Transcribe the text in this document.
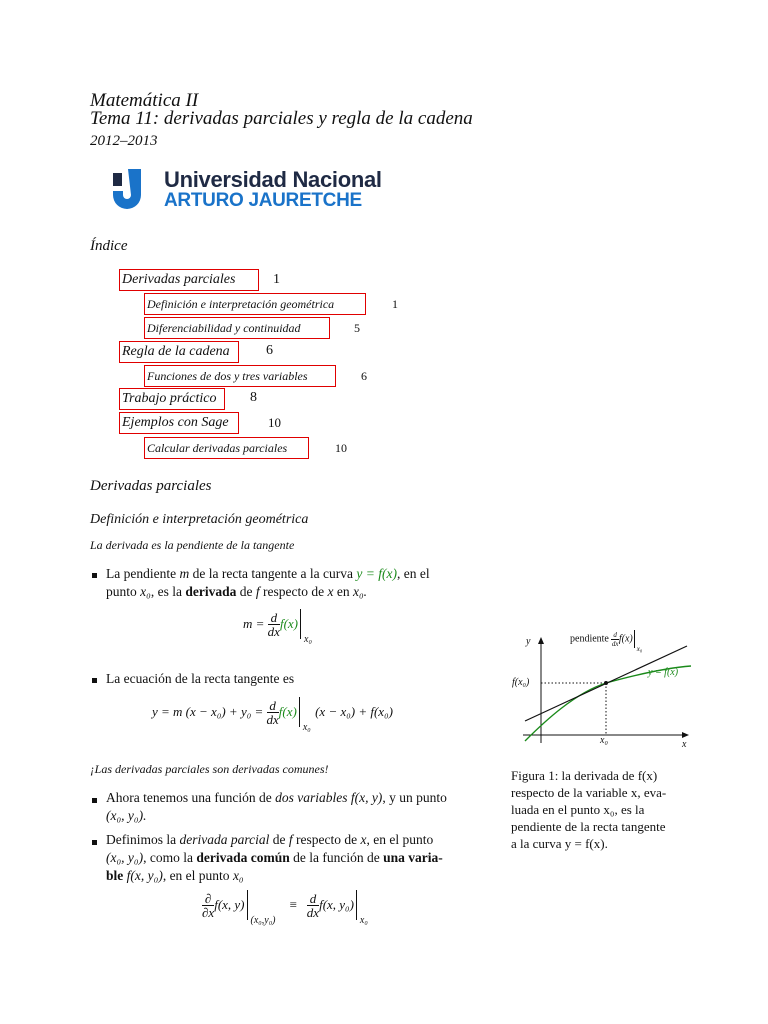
Matemática II
Tema 11: derivadas parciales y regla de la cadena
2012–2013
Universidad Nacional
ARTURO JAURETCHE
Índice
Derivadas parciales	1
Definición e interpretación geométrica	1
Diferenciabilidad y continuidad	5
Regla de la cadena	6
Funciones de dos y tres variables	6
Trabajo práctico	8
Ejemplos con Sage	10
Calcular derivadas parciales	10
Derivadas parciales
Definición e interpretación geométrica
La derivada es la pendiente de la tangente
La pendiente m de la recta tangente a la curva y = f(x), en el
punto x₀, es la derivada de f respecto de x en x₀.
$m = \frac{d}{dx} f(x)$
x₀
La ecuación de la recta tangente es
y = m $(x - x_0) + y_0 = \frac{d}{dx} f(x)$
x₀
(x − x₀) + f(x₀)
¡Las derivadas parciales son derivadas comunes!
Ahora tenemos una función de dos variables f(x, y), y un punto
(x₀, y₀).
Definimos la derivada parcial de f respecto de x, en el punto
(x₀, y₀), como la derivada común de la función de una varia-
ble f(x, y₀), en el punto x₀
$\frac{\partial}{\partial x} f(x$, y)
(x₀,y₀)
≡ $\frac{d}{dx} f(x$, y₀)
x₀
y
x
f(x₀)
x₀
y = f(x)
pendiente $\frac{d}{dx} f(x)$
x₀
Figura 1: la derivada de f(x)
respecto de la variable x, eva-
luada en el punto x₀, es la
pendiente de la recta tangente
a la curva y = f(x).
